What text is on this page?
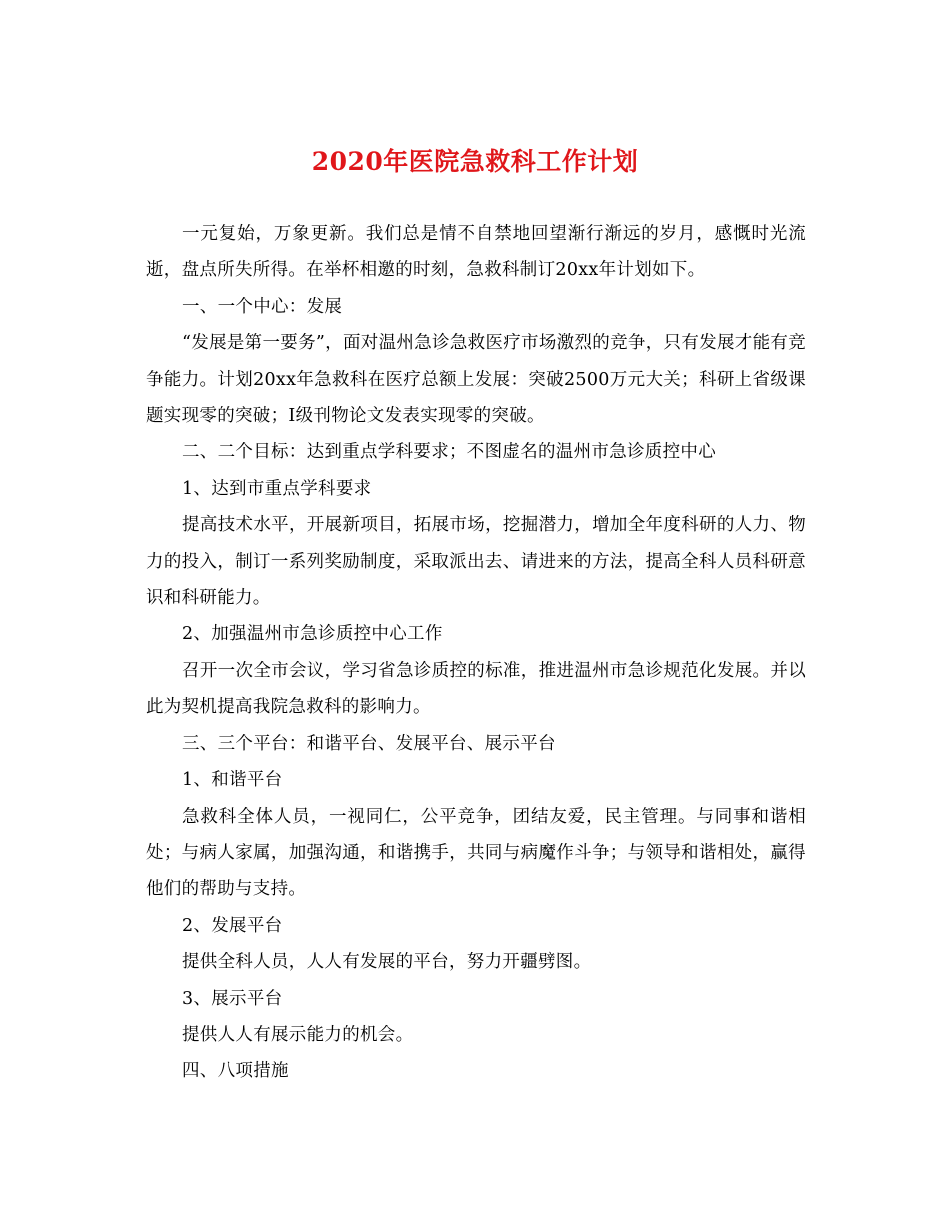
2020年医院急救科工作计划

一元复始，万象更新。我们总是情不自禁地回望渐行渐远的岁月，感慨时光流逝，盘点所失所得。在举杯相邀的时刻，急救科制订20xx年计划如下。

一、一个中心：发展

“发展是第一要务”，面对温州急诊急救医疗市场激烈的竞争，只有发展才能有竞争能力。计划20xx年急救科在医疗总额上发展：突破2500万元大关；科研上省级课题实现零的突破；Ⅰ级刊物论文发表实现零的突破。

二、二个目标：达到重点学科要求；不图虚名的温州市急诊质控中心

1、达到市重点学科要求

提高技术水平，开展新项目，拓展市场，挖掘潜力，增加全年度科研的人力、物力的投入，制订一系列奖励制度，采取派出去、请进来的方法，提高全科人员科研意识和科研能力。

2、加强温州市急诊质控中心工作

召开一次全市会议，学习省急诊质控的标准，推进温州市急诊规范化发展。并以此为契机提高我院急救科的影响力。

三、三个平台：和谐平台、发展平台、展示平台

1、和谐平台

急救科全体人员，一视同仁，公平竞争，团结友爱，民主管理。与同事和谐相处；与病人家属，加强沟通，和谐携手，共同与病魔作斗争；与领导和谐相处，赢得他们的帮助与支持。

2、发展平台

提供全科人员，人人有发展的平台，努力开疆劈图。

3、展示平台

提供人人有展示能力的机会。

四、八项措施
